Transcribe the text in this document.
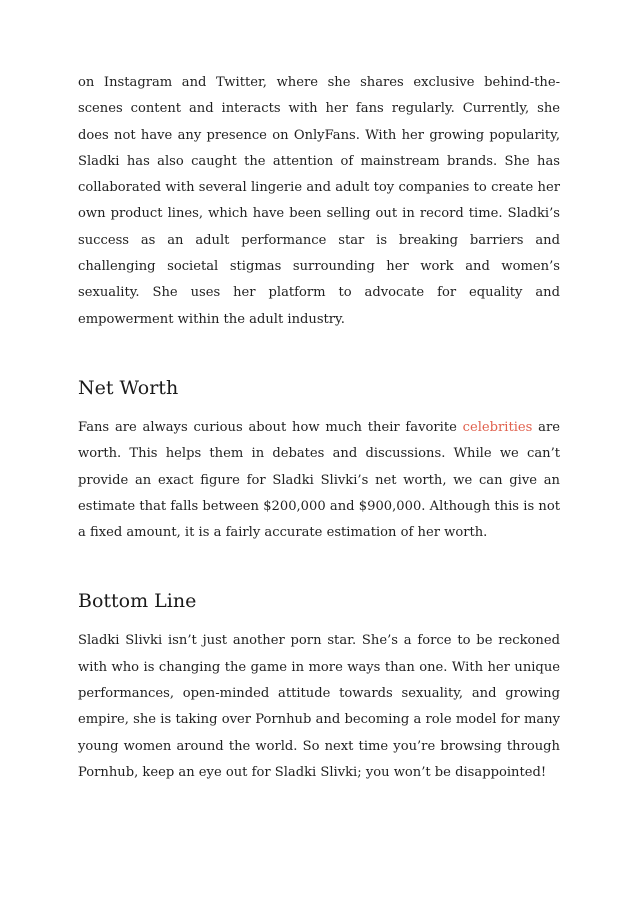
on Instagram and Twitter, where she shares exclusive behind-the-scenes content and interacts with her fans regularly. Currently, she does not have any presence on OnlyFans. With her growing popularity, Sladki has also caught the attention of mainstream brands. She has collaborated with several lingerie and adult toy companies to create her own product lines, which have been selling out in record time. Sladki’s success as an adult performance star is breaking barriers and challenging societal stigmas surrounding her work and women’s sexuality. She uses her platform to advocate for equality and empowerment within the adult industry.

Net Worth

Fans are always curious about how much their favorite celebrities are worth. This helps them in debates and discussions. While we can’t provide an exact figure for Sladki Slivki’s net worth, we can give an estimate that falls between $200,000 and $900,000. Although this is not a fixed amount, it is a fairly accurate estimation of her worth.

Bottom Line

Sladki Slivki isn’t just another porn star. She’s a force to be reckoned with who is changing the game in more ways than one. With her unique performances, open-minded attitude towards sexuality, and growing empire, she is taking over Pornhub and becoming a role model for many young women around the world. So next time you’re browsing through Pornhub, keep an eye out for Sladki Slivki; you won’t be disappointed!
